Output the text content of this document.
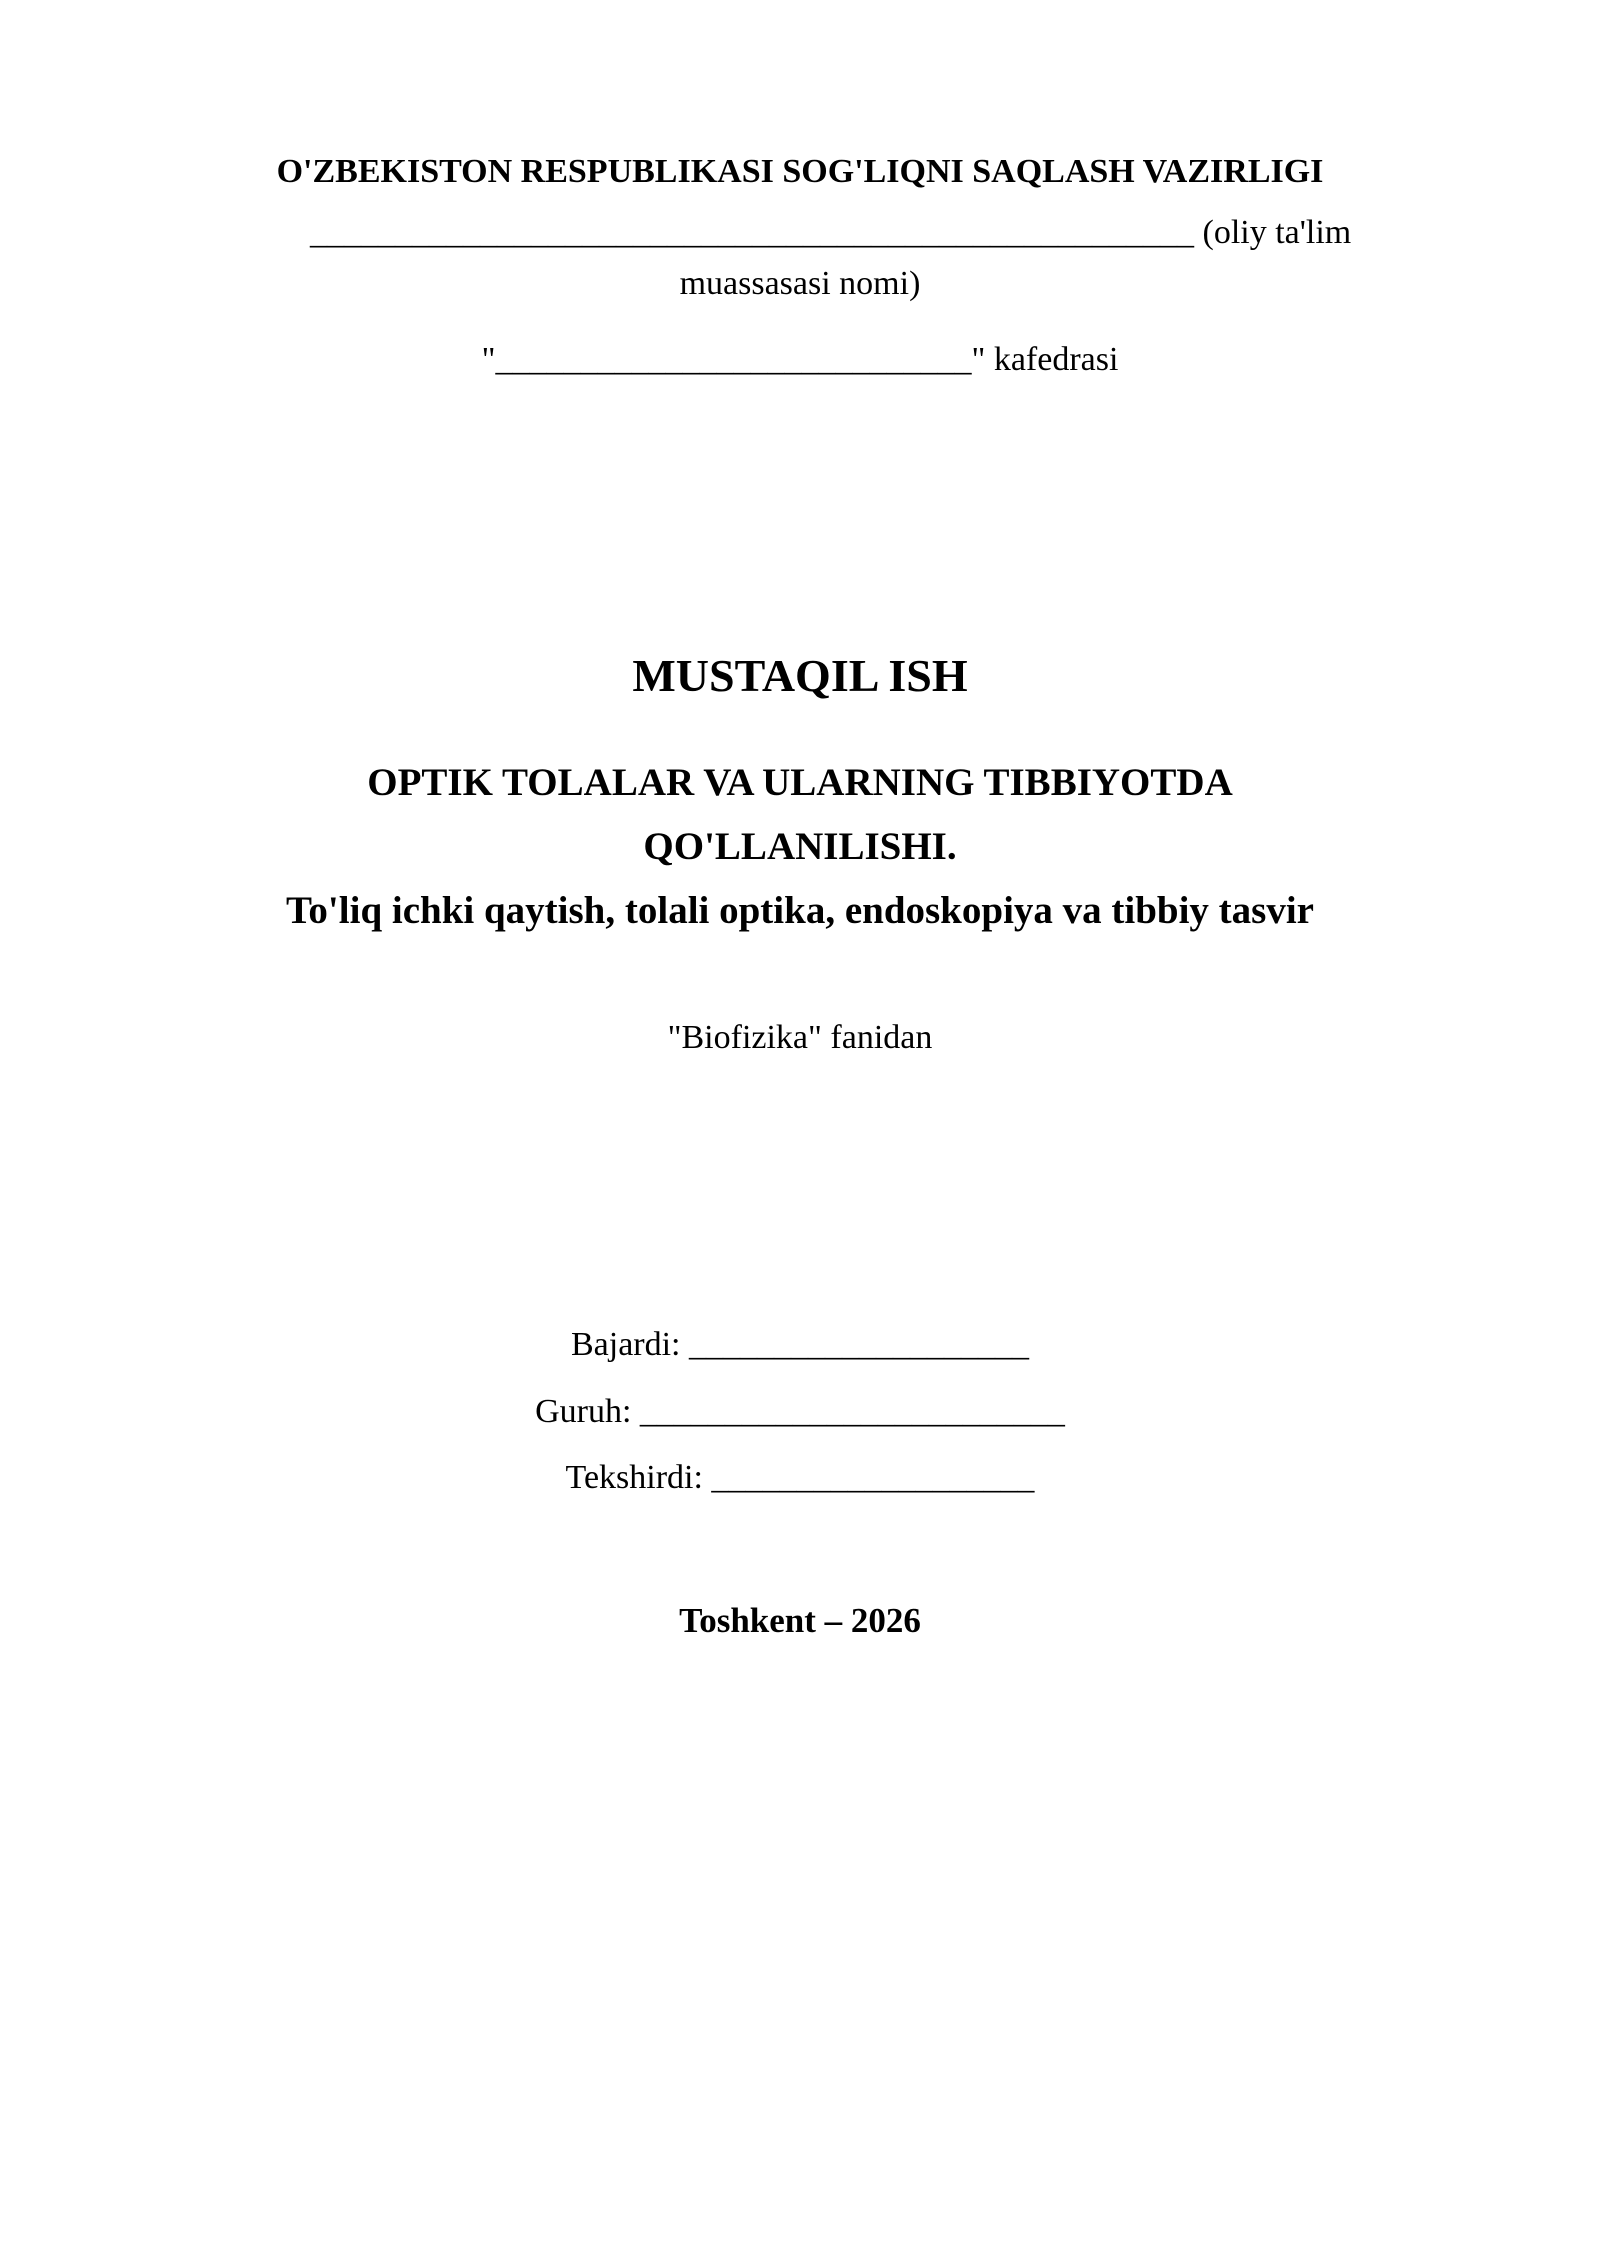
O'ZBEKISTON RESPUBLIKASI SOG'LIQNI SAQLASH VAZIRLIGI
____________________________________________________ (oliy ta'lim
muassasasi nomi)
"____________________________" kafedrasi
MUSTAQIL ISH
OPTIK TOLALAR VA ULARNING TIBBIYOTDA
QO'LLANILISHI.
To'liq ichki qaytish, tolali optika, endoskopiya va tibbiy tasvir
"Biofizika" fanidan
Bajardi: ____________________
Guruh: _________________________
Tekshirdi: ___________________
Toshkent – 2026
